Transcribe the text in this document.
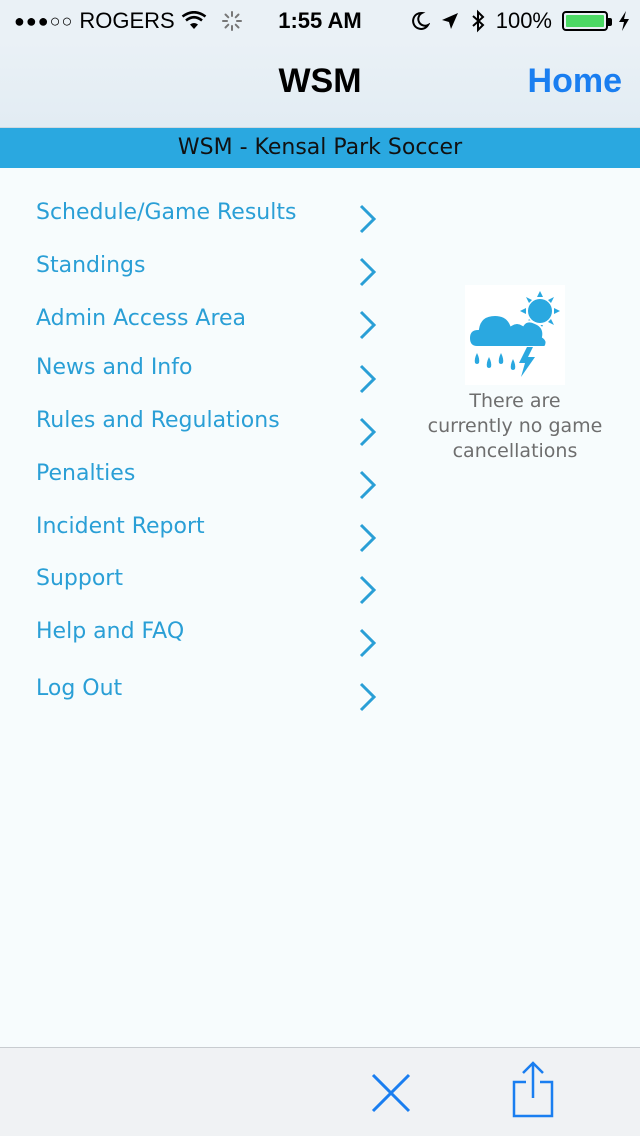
●●●○○ ROGERS	1:55 AM	100%
WSM	Home
WSM - Kensal Park Soccer
Schedule/Game Results
Standings
Admin Access Area
News and Info
Rules and Regulations
Penalties
Incident Report
Support
Help and FAQ
Log Out
There are
currently no game
cancellations
